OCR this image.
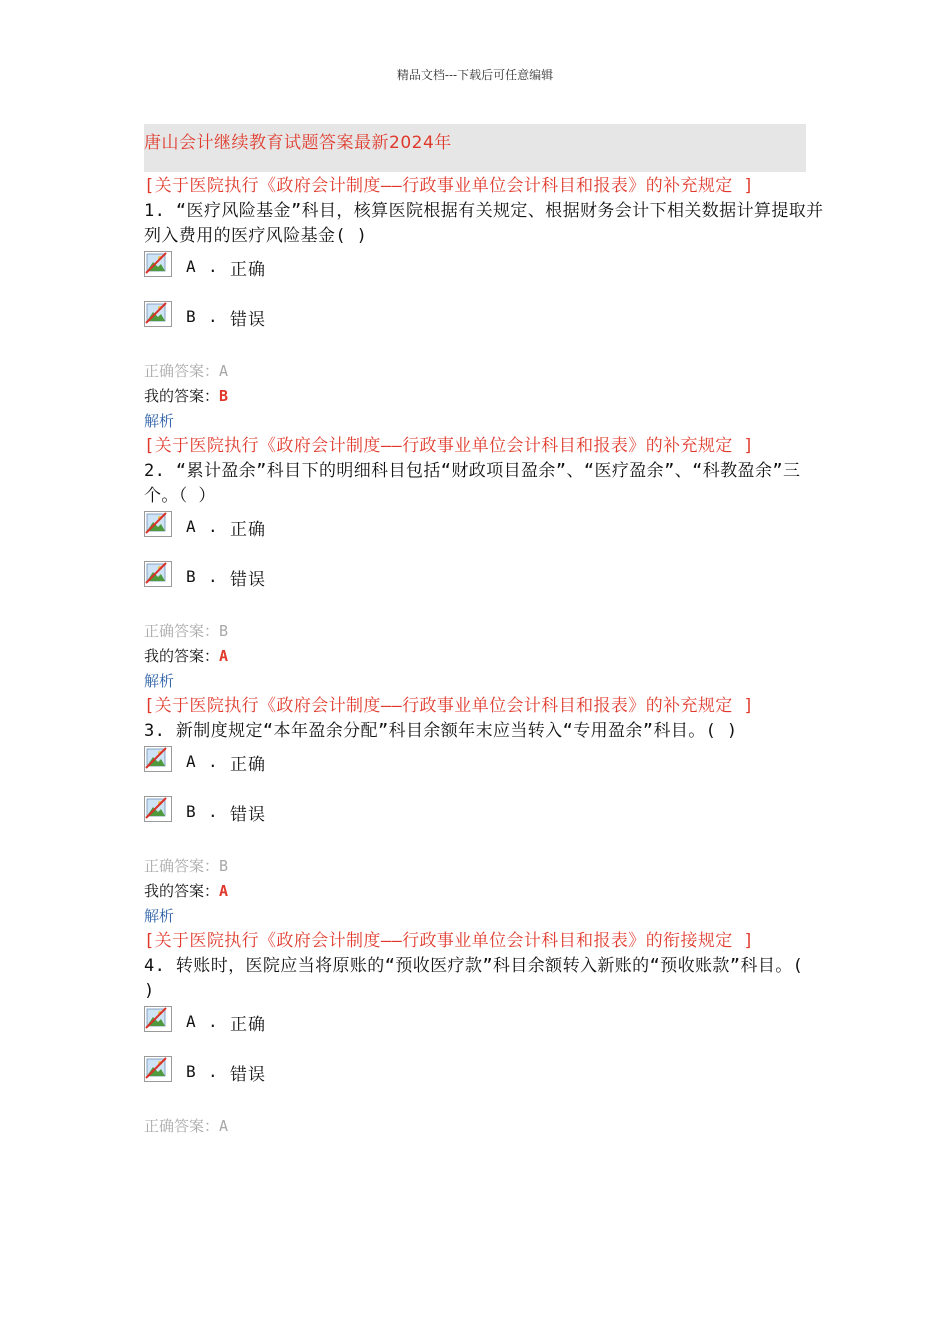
精品文档---下载后可任意编辑
唐山会计继续教育试题答案最新2024年

[关于医院执行《政府会计制度——行政事业单位会计科目和报表》的补充规定 ]

1. “医疗风险基金”科目，核算医院根据有关规定、根据财务会计下相关数据计算提取并列入费用的医疗风险基金( )

A . 正确
B . 错误
正确答案：A
我的答案：B
解析

[关于医院执行《政府会计制度——行政事业单位会计科目和报表》的补充规定 ]

2. “累计盈余”科目下的明细科目包括“财政项目盈余”、“医疗盈余”、“科教盈余”三个。（ ）

A . 正确
B . 错误
正确答案：B
我的答案：A
解析

[关于医院执行《政府会计制度——行政事业单位会计科目和报表》的补充规定 ]

3. 新制度规定“本年盈余分配”科目余额年末应当转入“专用盈余”科目。( )

A . 正确
B . 错误
正确答案：B
我的答案：A
解析

[关于医院执行《政府会计制度——行政事业单位会计科目和报表》的衔接规定 ]

4. 转账时，医院应当将原账的“预收医疗款”科目余额转入新账的“预收账款”科目。( )

A . 正确
B . 错误
正确答案：A
